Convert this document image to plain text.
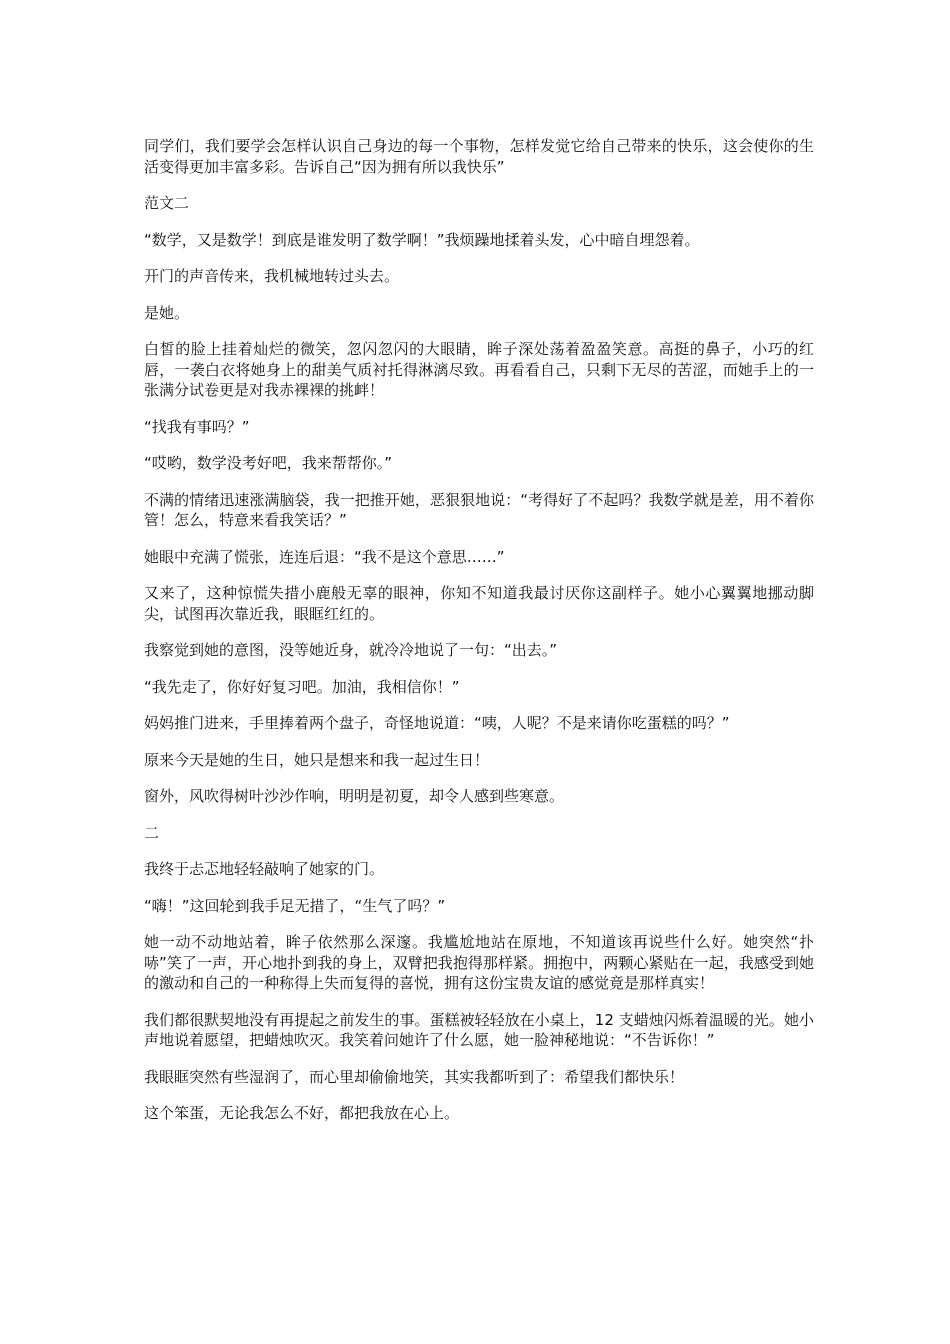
同学们，我们要学会怎样认识自己身边的每一个事物，怎样发觉它给自己带来的快乐，这会使你的生活变得更加丰富多彩。告诉自己“因为拥有所以我快乐”

范文二

“数学，又是数学！到底是谁发明了数学啊！”我烦躁地揉着头发，心中暗自埋怨着。

开门的声音传来，我机械地转过头去。

是她。

白皙的脸上挂着灿烂的微笑，忽闪忽闪的大眼睛，眸子深处荡着盈盈笑意。高挺的鼻子，小巧的红唇，一袭白衣将她身上的甜美气质衬托得淋漓尽致。再看看自己，只剩下无尽的苦涩，而她手上的一张满分试卷更是对我赤裸裸的挑衅！

“找我有事吗？”

“哎哟，数学没考好吧，我来帮帮你。”

不满的情绪迅速涨满脑袋，我一把推开她，恶狠狠地说：“考得好了不起吗？我数学就是差，用不着你管！怎么，特意来看我笑话？”

她眼中充满了慌张，连连后退：“我不是这个意思……”

又来了，这种惊慌失措小鹿般无辜的眼神，你知不知道我最讨厌你这副样子。她小心翼翼地挪动脚尖，试图再次靠近我，眼眶红红的。

我察觉到她的意图，没等她近身，就冷冷地说了一句：“出去。”

“我先走了，你好好复习吧。加油，我相信你！”

妈妈推门进来，手里捧着两个盘子，奇怪地说道：“咦，人呢？不是来请你吃蛋糕的吗？”

原来今天是她的生日，她只是想来和我一起过生日！

窗外，风吹得树叶沙沙作响，明明是初夏，却令人感到些寒意。

二

我终于忐忑地轻轻敲响了她家的门。

“嗨！”这回轮到我手足无措了，“生气了吗？”

她一动不动地站着，眸子依然那么深邃。我尴尬地站在原地，不知道该再说些什么好。她突然“扑哧”笑了一声，开心地扑到我的身上，双臂把我抱得那样紧。拥抱中，两颗心紧贴在一起，我感受到她的激动和自己的一种称得上失而复得的喜悦，拥有这份宝贵友谊的感觉竟是那样真实！

我们都很默契地没有再提起之前发生的事。蛋糕被轻轻放在小桌上，12 支蜡烛闪烁着温暖的光。她小声地说着愿望，把蜡烛吹灭。我笑着问她许了什么愿，她一脸神秘地说：“不告诉你！”

我眼眶突然有些湿润了，而心里却偷偷地笑，其实我都听到了：希望我们都快乐！

这个笨蛋，无论我怎么不好，都把我放在心上。
